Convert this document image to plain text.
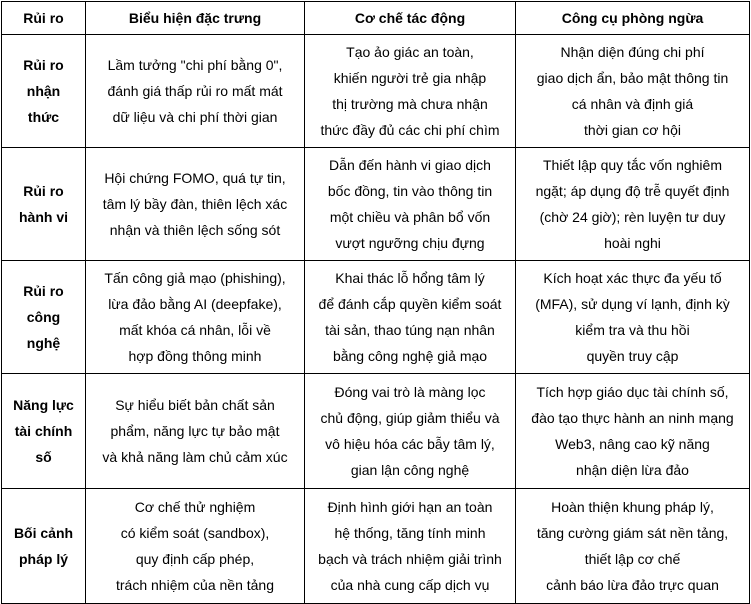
Rủi ro	Biểu hiện đặc trưng	Cơ chế tác động	Công cụ phòng ngừa

Rủi ro
nhận
thức	Lầm tưởng "chi phí bằng 0",
đánh giá thấp rủi ro mất mát
dữ liệu và chi phí thời gian	Tạo ảo giác an toàn,
khiến người trẻ gia nhập
thị trường mà chưa nhận
thức đầy đủ các chi phí chìm	Nhận diện đúng chi phí
giao dịch ẩn, bảo mật thông tin
cá nhân và định giá
thời gian cơ hội

Rủi ro
hành vi	Hội chứng FOMO, quá tự tin,
tâm lý bầy đàn, thiên lệch xác
nhận và thiên lệch sống sót	Dẫn đến hành vi giao dịch
bốc đồng, tin vào thông tin
một chiều và phân bổ vốn
vượt ngưỡng chịu đựng	Thiết lập quy tắc vốn nghiêm
ngặt; áp dụng độ trễ quyết định
(chờ 24 giờ); rèn luyện tư duy
hoài nghi

Rủi ro
công
nghệ	Tấn công giả mạo (phishing),
lừa đảo bằng AI (deepfake),
mất khóa cá nhân, lỗi về
hợp đồng thông minh	Khai thác lỗ hổng tâm lý
để đánh cắp quyền kiểm soát
tài sản, thao túng nạn nhân
bằng công nghệ giả mạo	Kích hoạt xác thực đa yếu tố
(MFA), sử dụng ví lạnh, định kỳ
kiểm tra và thu hồi
quyền truy cập

Năng lực
tài chính
số	Sự hiểu biết bản chất sản
phẩm, năng lực tự bảo mật
và khả năng làm chủ cảm xúc	Đóng vai trò là màng lọc
chủ động, giúp giảm thiểu và
vô hiệu hóa các bẫy tâm lý,
gian lận công nghệ	Tích hợp giáo dục tài chính số,
đào tạo thực hành an ninh mạng
Web3, nâng cao kỹ năng
nhận diện lừa đảo

Bối cảnh
pháp lý	Cơ chế thử nghiệm
có kiểm soát (sandbox),
quy định cấp phép,
trách nhiệm của nền tảng	Định hình giới hạn an toàn
hệ thống, tăng tính minh
bạch và trách nhiệm giải trình
của nhà cung cấp dịch vụ	Hoàn thiện khung pháp lý,
tăng cường giám sát nền tảng,
thiết lập cơ chế
cảnh báo lừa đảo trực quan
